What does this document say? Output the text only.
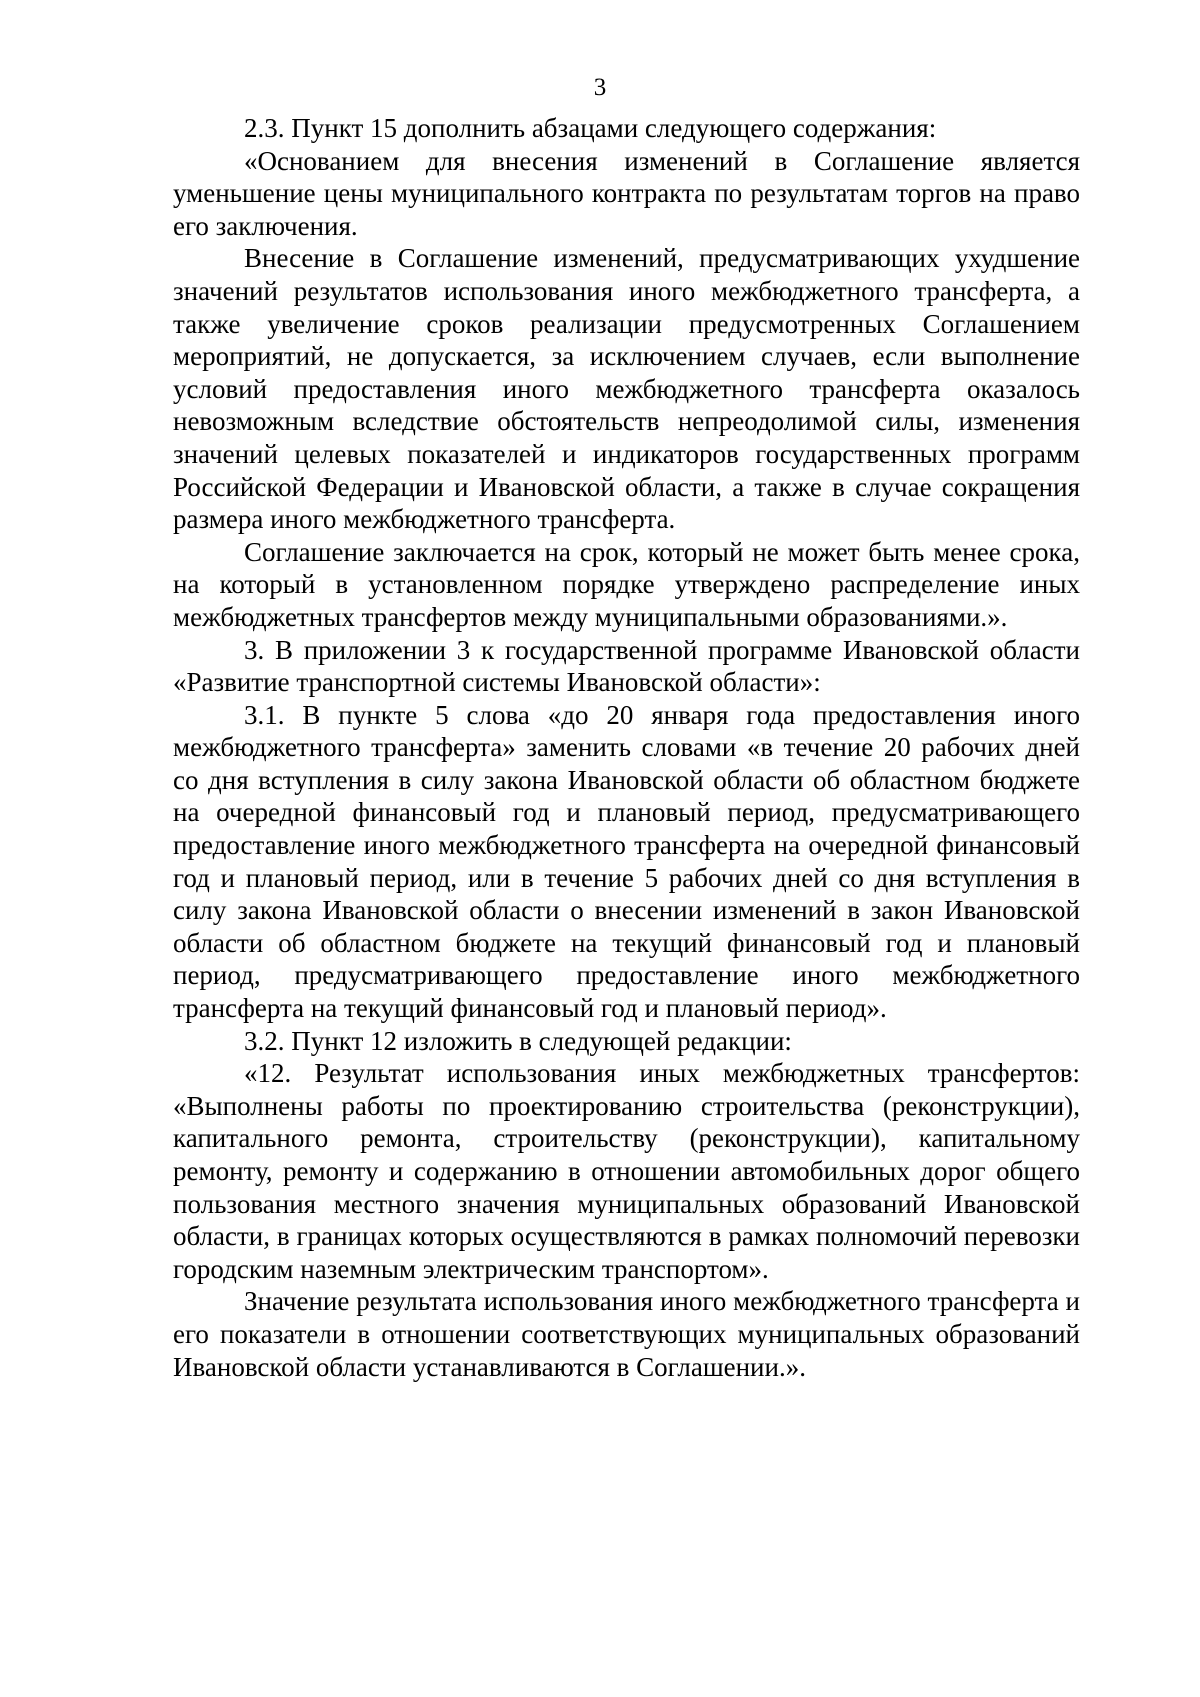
3

2.3. Пункт 15 дополнить абзацами следующего содержания:

«Основанием для внесения изменений в Соглашение является уменьшение цены муниципального контракта по результатам торгов на право его заключения.

Внесение в Соглашение изменений, предусматривающих ухудшение значений результатов использования иного межбюджетного трансферта, а также увеличение сроков реализации предусмотренных Соглашением мероприятий, не допускается, за исключением случаев, если выполнение условий предоставления иного межбюджетного трансферта оказалось невозможным вследствие обстоятельств непреодолимой силы, изменения значений целевых показателей и индикаторов государственных программ Российской Федерации и Ивановской области, а также в случае сокращения размера иного межбюджетного трансферта.

Соглашение заключается на срок, который не может быть менее срока, на который в установленном порядке утверждено распределение иных межбюджетных трансфертов между муниципальными образованиями.».

3. В приложении 3 к государственной программе Ивановской области «Развитие транспортной системы Ивановской области»:

3.1. В пункте 5 слова «до 20 января года предоставления иного межбюджетного трансферта» заменить словами «в течение 20 рабочих дней со дня вступления в силу закона Ивановской области об областном бюджете на очередной финансовый год и плановый период, предусматривающего предоставление иного межбюджетного трансферта на очередной финансовый год и плановый период, или в течение 5 рабочих дней со дня вступления в силу закона Ивановской области о внесении изменений в закон Ивановской области об областном бюджете на текущий финансовый год и плановый период, предусматривающего предоставление иного межбюджетного трансферта на текущий финансовый год и плановый период».

3.2. Пункт 12 изложить в следующей редакции:

«12. Результат использования иных межбюджетных трансфертов: «Выполнены работы по проектированию строительства (реконструкции), капитального ремонта, строительству (реконструкции), капитальному ремонту, ремонту и содержанию в отношении автомобильных дорог общего пользования местного значения муниципальных образований Ивановской области, в границах которых осуществляются в рамках полномочий перевозки городским наземным электрическим транспортом».

Значение результата использования иного межбюджетного трансферта и его показатели в отношении соответствующих муниципальных образований Ивановской области устанавливаются в Соглашении.».
